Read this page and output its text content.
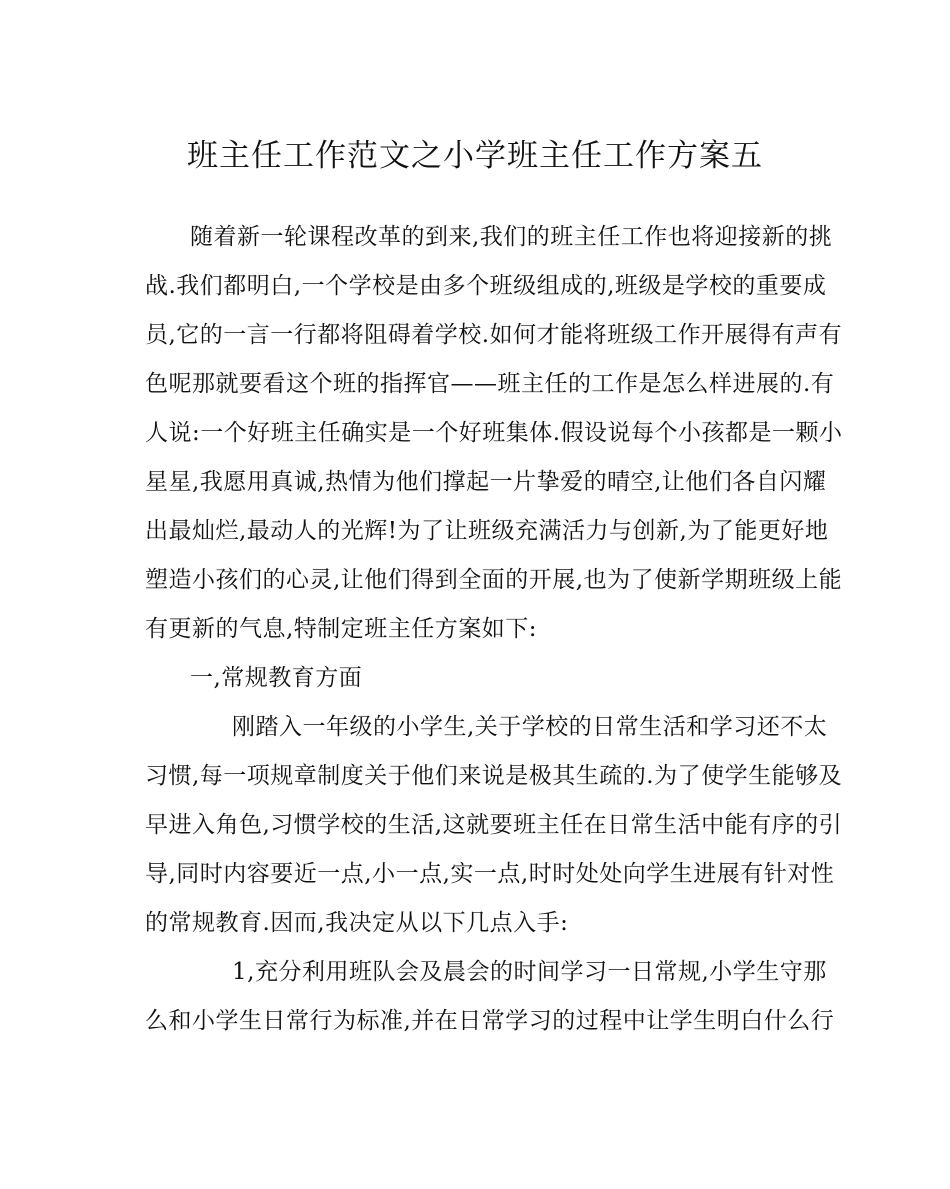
班主任工作范文之小学班主任工作方案五
随着新一轮课程改革的到来,我们的班主任工作也将迎接新的挑
战.我们都明白,一个学校是由多个班级组成的,班级是学校的重要成
员,它的一言一行都将阻碍着学校.如何才能将班级工作开展得有声有
色呢那就要看这个班的指挥官——班主任的工作是怎么样进展的.有
人说:一个好班主任确实是一个好班集体.假设说每个小孩都是一颗小
星星,我愿用真诚,热情为他们撑起一片挚爱的晴空,让他们各自闪耀
出最灿烂,最动人的光辉!为了让班级充满活力与创新,为了能更好地
塑造小孩们的心灵,让他们得到全面的开展,也为了使新学期班级上能
有更新的气息,特制定班主任方案如下:
一,常规教育方面
刚踏入一年级的小学生,关于学校的日常生活和学习还不太
习惯,每一项规章制度关于他们来说是极其生疏的.为了使学生能够及
早进入角色,习惯学校的生活,这就要班主任在日常生活中能有序的引
导,同时内容要近一点,小一点,实一点,时时处处向学生进展有针对性
的常规教育.因而,我决定从以下几点入手:
1,充分利用班队会及晨会的时间学习一日常规,小学生守那
么和小学生日常行为标准,并在日常学习的过程中让学生明白什么行
